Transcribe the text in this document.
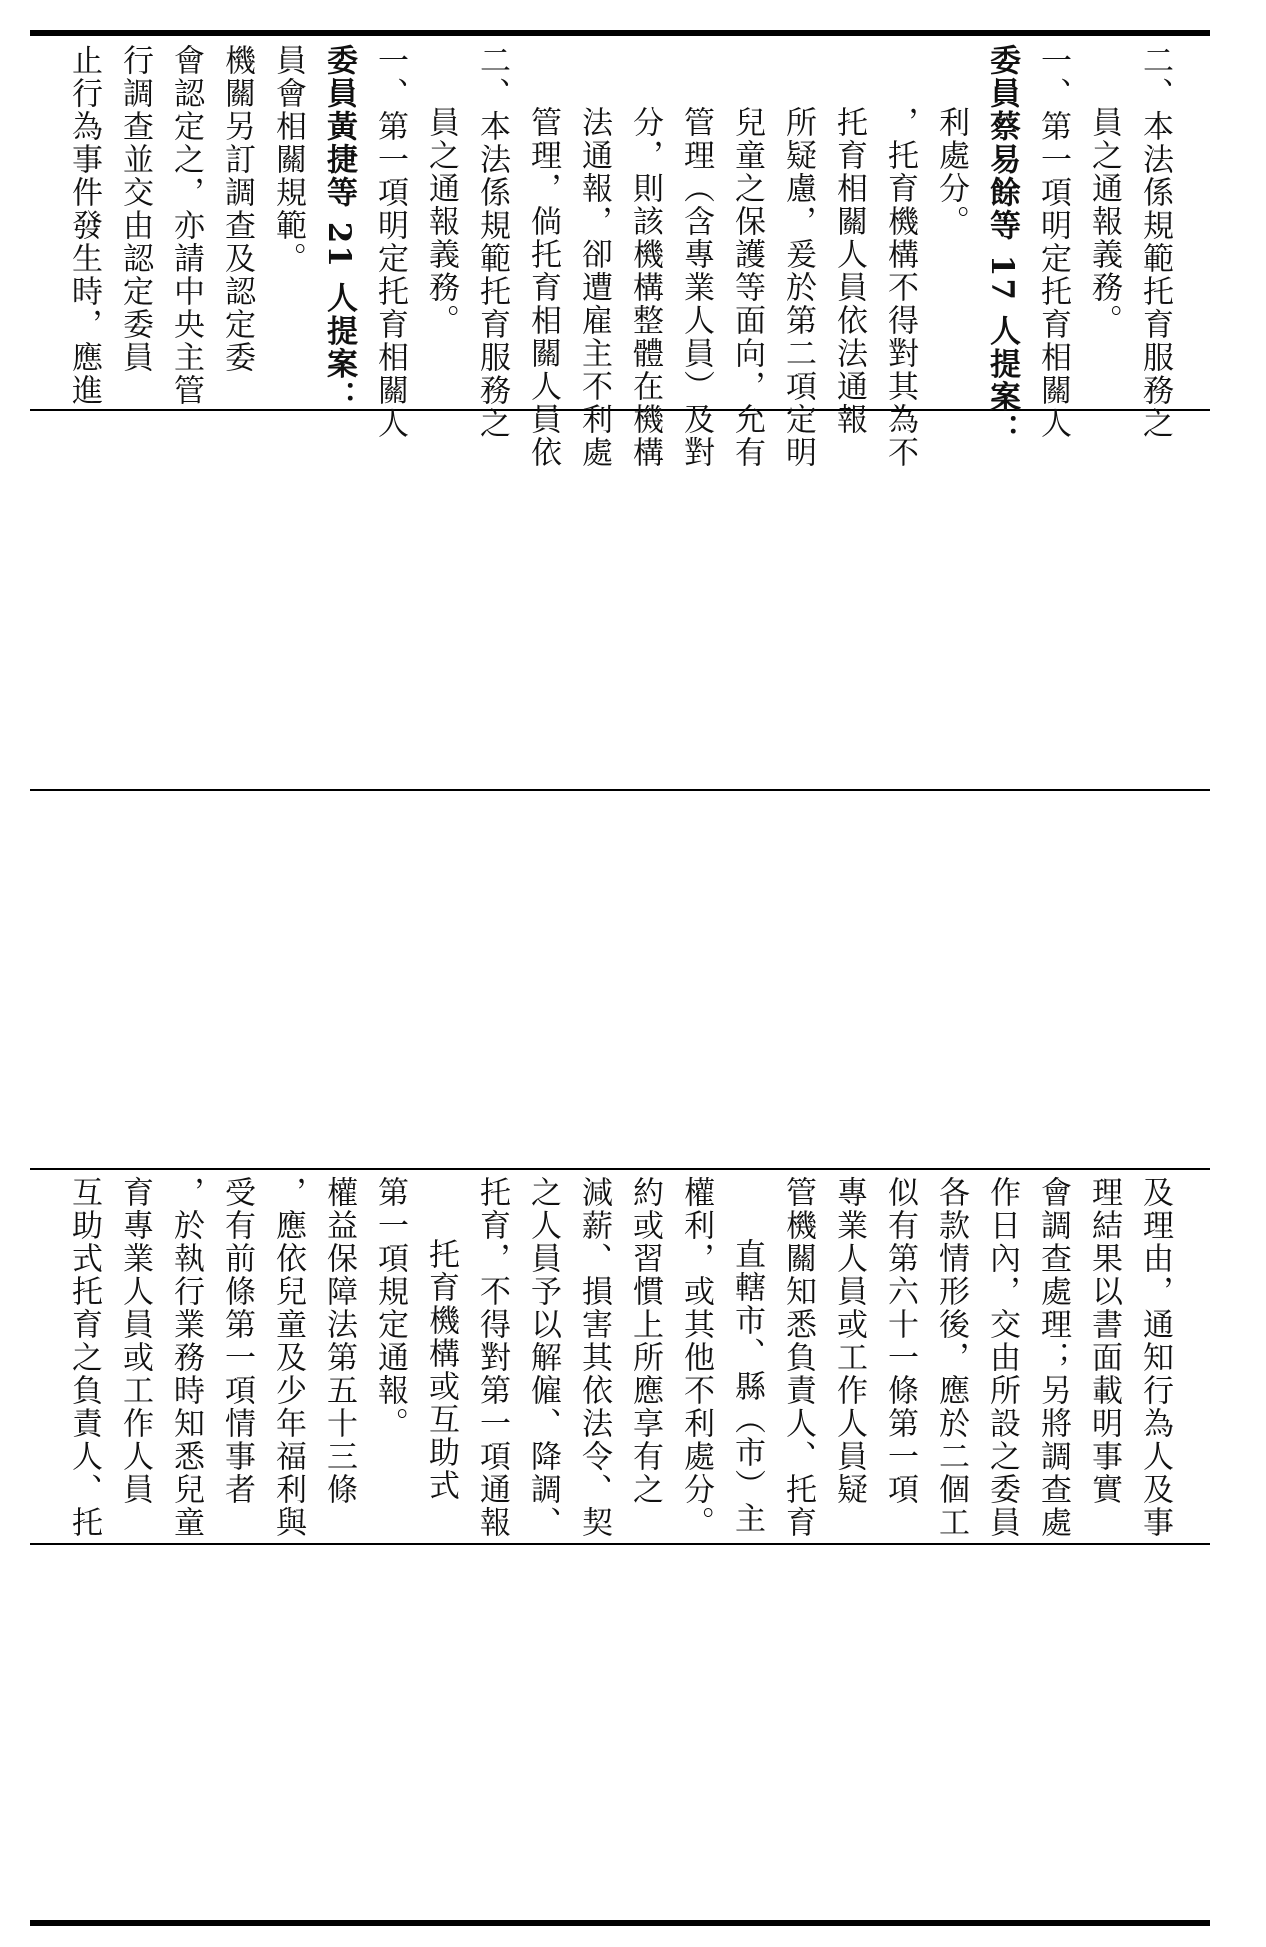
止行為事件發生時，應進 行調查並交由認定委員 會認定之，亦請中央主管 機關另訂調查及認定委 員會相關規範。 委員黃捷等 21 人提案： 一、第一項明定托育相關人 員之通報義務。 二、本法係規範托育服務之 管理，倘托育相關人員依 法通報，卻遭雇主不利處 分，則該機構整體在機構 管理（含專業人員）及對 兒童之保護等面向，允有 所疑慮，爰於第二項定明 托育相關人員依法通報 ，托育機構不得對其為不 利處分。 委員蔡易餘等 17 人提案： 一、第一項明定托育相關人 員之通報義務。 二、本法係規範托育服務之
互助式托育之負責人、托 育專業人員或工作人員 ，於執行業務時知悉兒童 受有前條第一項情事者 ，應依兒童及少年福利與 權益保障法第五十三條 第一項規定通報。 托育機構或互助式 托育，不得對第一項通報 之人員予以解僱、降調、 減薪、損害其依法令、契 約或習慣上所應享有之 權利，或其他不利處分。 直轄市、縣（市）主 管機關知悉負責人、托育 專業人員或工作人員疑 似有第六十一條第一項 各款情形後，應於二個工 作日內，交由所設之委員 會調查處理；另將調查處 理結果以書面載明事實 及理由，通知行為人及事
